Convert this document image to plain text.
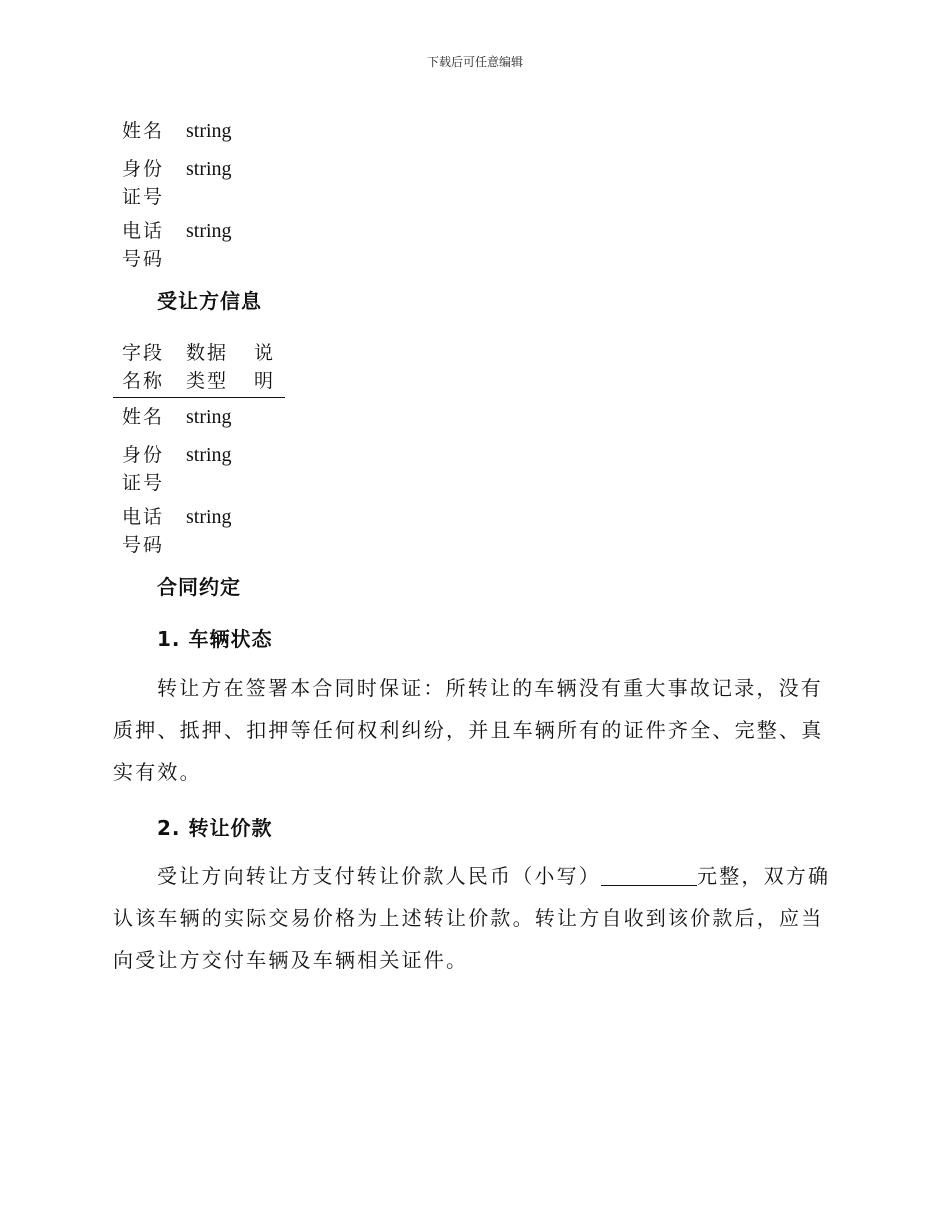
下载后可任意编辑
姓名 string
身份证号
string
电话号码
string
受让方信息
字段名称
数据类型
说明
姓名 string
身份证号
string
电话号码
string
合同约定
1. 车辆状态
转让方在签署本合同时保证：所转让的车辆没有重大事故记录，没有质押、抵押、扣押等任何权利纠纷，并且车辆所有的证件齐全、完整、真实有效。
2. 转让价款
受让方向转让方支付转让价款人民币（小写）	元整，双方确认该车辆的实际交易价格为上述转让价款。转让方自收到该价款后，应当向受让方交付车辆及车辆相关证件。
